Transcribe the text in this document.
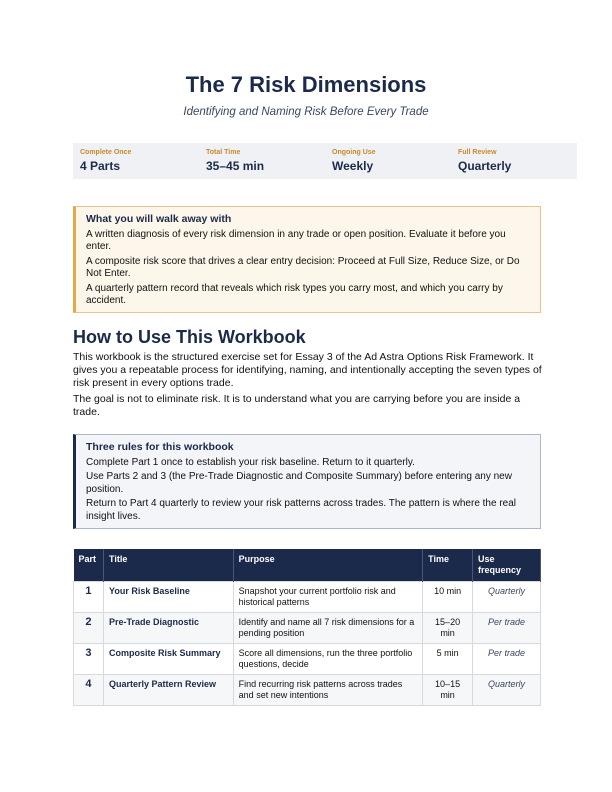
The 7 Risk Dimensions
Identifying and Naming Risk Before Every Trade
Complete Once
4 Parts
Total Time
35–45 min
Ongoing Use
Weekly
Full Review
Quarterly
What you will walk away with

A written diagnosis of every risk dimension in any trade or open position. Evaluate it before you enter.

A composite risk score that drives a clear entry decision: Proceed at Full Size, Reduce Size, or Do Not Enter.

A quarterly pattern record that reveals which risk types you carry most, and which you carry by accident.

How to Use This Workbook
This workbook is the structured exercise set for Essay 3 of the Ad Astra Options Risk Framework. It gives you a repeatable process for identifying, naming, and intentionally accepting the seven types of risk present in every options trade.
The goal is not to eliminate risk. It is to understand what you are carrying before you are inside a trade.
Three rules for this workbook

Complete Part 1 once to establish your risk baseline. Return to it quarterly.

Use Parts 2 and 3 (the Pre-Trade Diagnostic and Composite Summary) before entering any new position.

Return to Part 4 quarterly to review your risk patterns across trades. The pattern is where the real insight lives.

Part	Title	Purpose	Time	Use frequency
1	Your Risk Baseline	Snapshot your current portfolio risk and historical patterns	10 min	Quarterly
2	Pre-Trade Diagnostic	Identify and name all 7 risk dimensions for a pending position	15–20 min	Per trade
3	Composite Risk Summary	Score all dimensions, run the three portfolio questions, decide	5 min	Per trade
4	Quarterly Pattern Review	Find recurring risk patterns across trades and set new intentions	10–15 min	Quarterly
